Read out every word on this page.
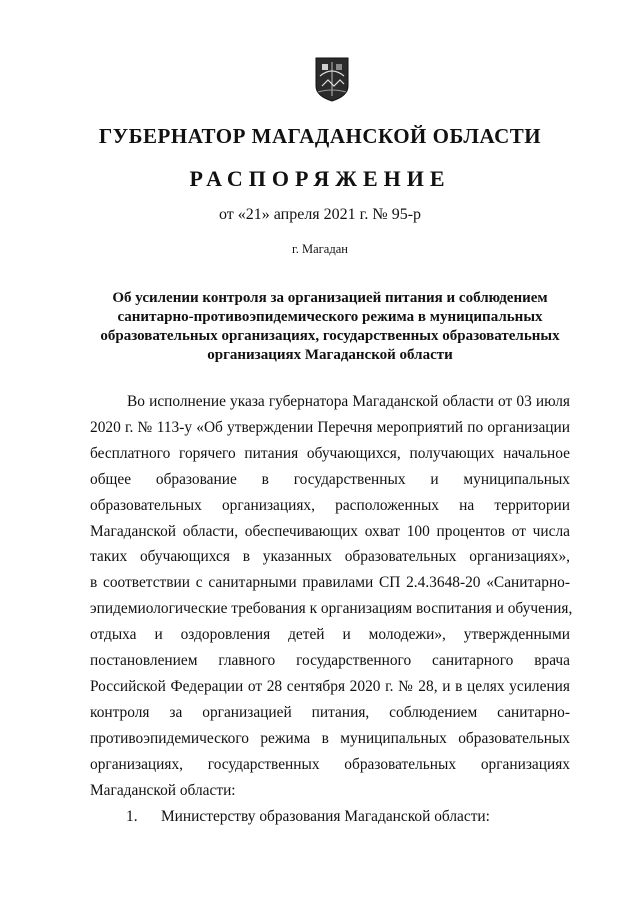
ГУБЕРНАТОР МАГАДАНСКОЙ ОБЛАСТИ
РАСПОРЯЖЕНИЕ
от «21» апреля 2021 г. № 95-р
г. Магадан
Об усилении контроля за организацией питания и соблюдением
санитарно-противоэпидемического режима в муниципальных
образовательных организациях, государственных образовательных
организациях Магаданской области
Во исполнение указа губернатора Магаданской области от 03 июля
2020 г. № 113-у «Об утверждении Перечня мероприятий по организации
бесплатного горячего питания обучающихся, получающих начальное
общее образование в государственных и муниципальных
образовательных организациях, расположенных на территории
Магаданской области, обеспечивающих охват 100 процентов от числа
таких обучающихся в указанных образовательных организациях»,
в соответствии с санитарными правилами СП 2.4.3648-20 «Санитарно-
эпидемиологические требования к организациям воспитания и обучения,
отдыха и оздоровления детей и молодежи», утвержденными
постановлением главного государственного санитарного врача
Российской Федерации от 28 сентября 2020 г. № 28, и в целях усиления
контроля за организацией питания, соблюдением санитарно-
противоэпидемического режима в муниципальных образовательных
организациях, государственных образовательных организациях
Магаданской области:
1. Министерству образования Магаданской области:
